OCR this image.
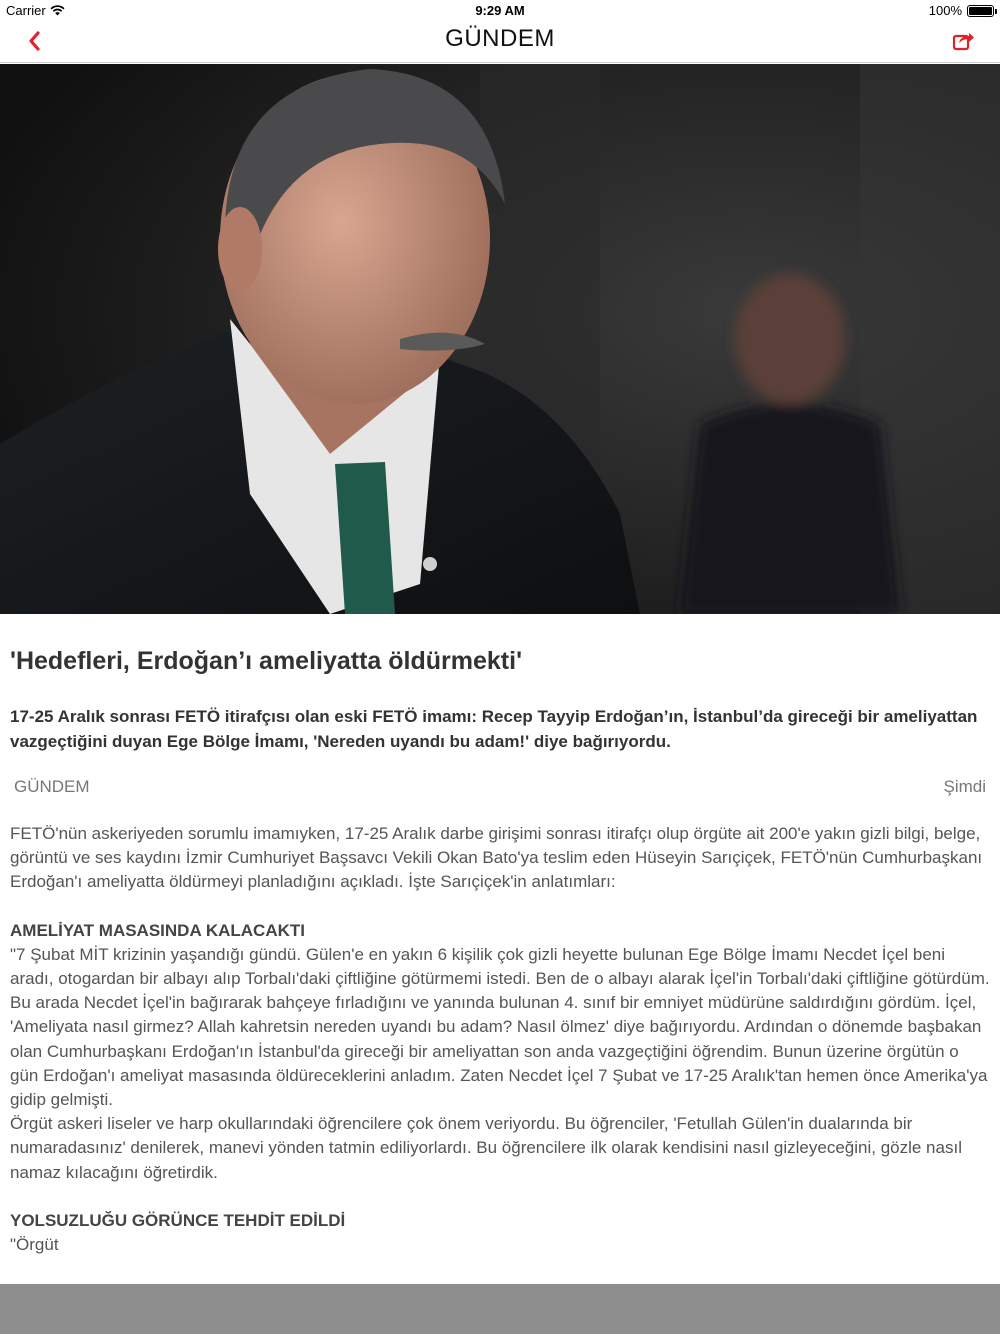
Carrier	9:29 AM	100%
GÜNDEM
'Hedefleri, Erdoğan’ı ameliyatta öldürmekti'

17-25 Aralık sonrası FETÖ itirafçısı olan eski FETÖ imamı: Recep Tayyip Erdoğan’ın, İstanbul’da gireceği bir ameliyattan vazgeçtiğini duyan Ege Bölge İmamı, 'Nereden uyandı bu adam!' diye bağırıyordu.

GÜNDEM	Şimdi

FETÖ'nün askeriyeden sorumlu imamıyken, 17-25 Aralık darbe girişimi sonrası itirafçı olup örgüte ait 200'e yakın gizli bilgi, belge, görüntü ve ses kaydını İzmir Cumhuriyet Başsavcı Vekili Okan Bato'ya teslim eden Hüseyin Sarıçiçek, FETÖ'nün Cumhurbaşkanı Erdoğan'ı ameliyatta öldürmeyi planladığını açıkladı. İşte Sarıçiçek'in anlatımları:

AMELİYAT MASASINDA KALACAKTI

"7 Şubat MİT krizinin yaşandığı gündü. Gülen'e en yakın 6 kişilik çok gizli heyette bulunan Ege Bölge İmamı Necdet İçel beni aradı, otogardan bir albayı alıp Torbalı'daki çiftliğine götürmemi istedi. Ben de o albayı alarak İçel'in Torbalı'daki çiftliğine götürdüm. Bu arada Necdet İçel'in bağırarak bahçeye fırladığını ve yanında bulunan 4. sınıf bir emniyet müdürüne saldırdığını gördüm. İçel, 'Ameliyata nasıl girmez? Allah kahretsin nereden uyandı bu adam? Nasıl ölmez' diye bağırıyordu. Ardından o dönemde başbakan olan Cumhurbaşkanı Erdoğan'ın İstanbul'da gireceği bir ameliyattan son anda vazgeçtiğini öğrendim. Bunun üzerine örgütün o gün Erdoğan'ı ameliyat masasında öldüreceklerini anladım. Zaten Necdet İçel 7 Şubat ve 17-25 Aralık'tan hemen önce Amerika'ya gidip gelmişti.

Örgüt askeri liseler ve harp okullarındaki öğrencilere çok önem veriyordu. Bu öğrenciler, 'Fetullah Gülen'in dualarında bir numaradasınız' denilerek, manevi yönden tatmin ediliyorlardı. Bu öğrencilere ilk olarak kendisini nasıl gizleyeceğini, gözle nasıl namaz kılacağını öğretirdik.

YOLSUZLUĞU GÖRÜNCE TEHDİT EDİLDİ

"Örgüt
